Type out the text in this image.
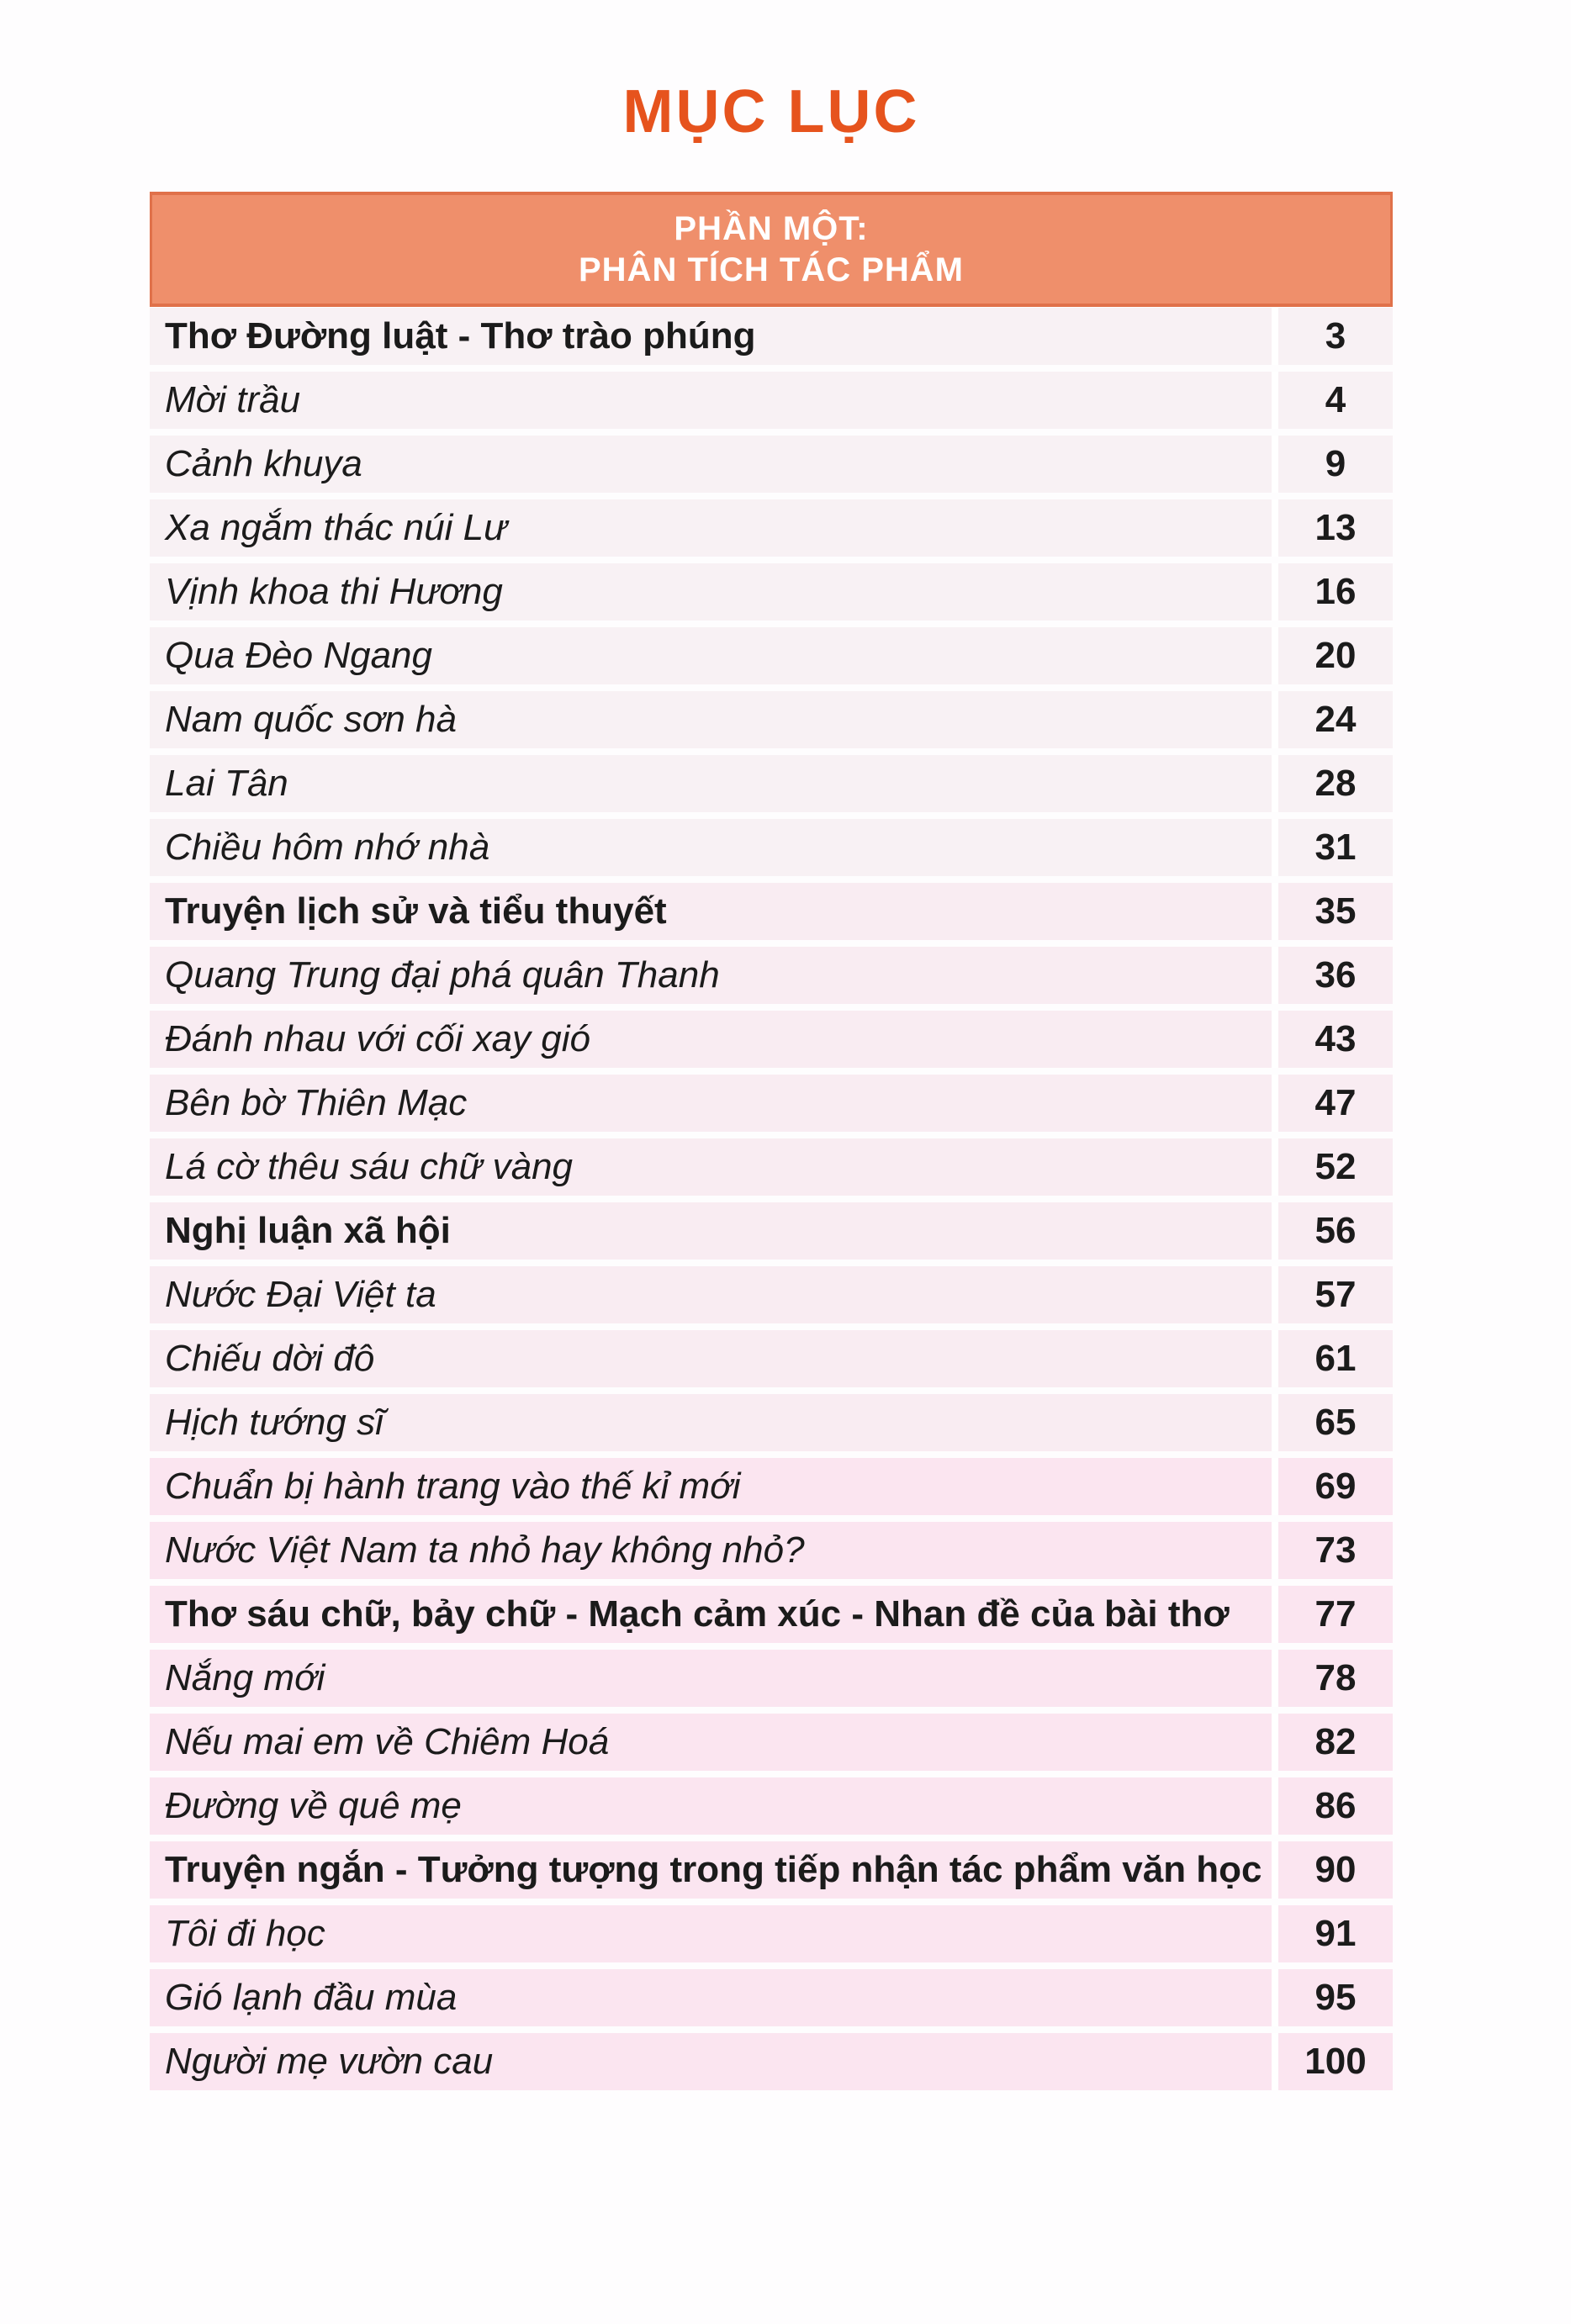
MỤC LỤC
PHẦN MỘT:
PHÂN TÍCH TÁC PHẨM
Thơ Đường luật - Thơ trào phúng	3
Mời trầu	4
Cảnh khuya	9
Xa ngắm thác núi Lư	13
Vịnh khoa thi Hương	16
Qua Đèo Ngang	20
Nam quốc sơn hà	24
Lai Tân	28
Chiều hôm nhớ nhà	31
Truyện lịch sử và tiểu thuyết	35
Quang Trung đại phá quân Thanh	36
Đánh nhau với cối xay gió	43
Bên bờ Thiên Mạc	47
Lá cờ thêu sáu chữ vàng	52
Nghị luận xã hội	56
Nước Đại Việt ta	57
Chiếu dời đô	61
Hịch tướng sĩ	65
Chuẩn bị hành trang vào thế kỉ mới	69
Nước Việt Nam ta nhỏ hay không nhỏ?	73
Thơ sáu chữ, bảy chữ - Mạch cảm xúc - Nhan đề của bài thơ	77
Nắng mới	78
Nếu mai em về Chiêm Hoá	82
Đường về quê mẹ	86
Truyện ngắn - Tưởng tượng trong tiếp nhận tác phẩm văn học	90
Tôi đi học	91
Gió lạnh đầu mùa	95
Người mẹ vườn cau	100
